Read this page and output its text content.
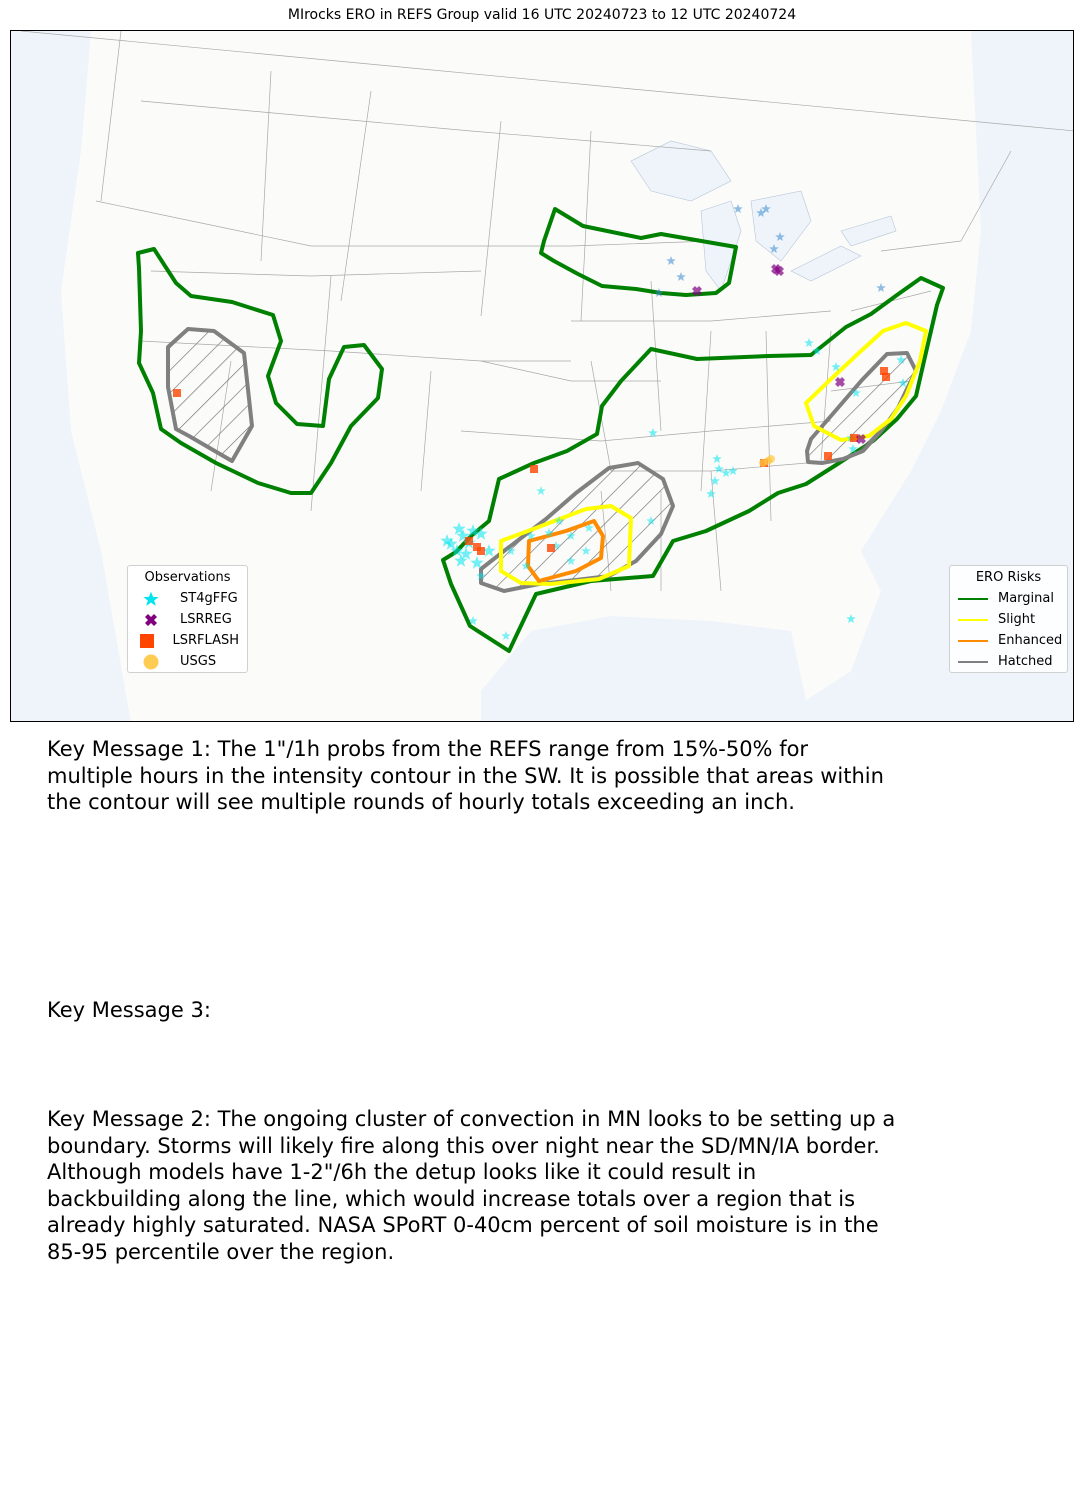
MIrocks ERO in REFS Group valid 16 UTC 20240723 to 12 UTC 20240724
Observations
ST4gFFG
LSRREG
LSRFLASH
USGS
ERO Risks
Marginal
Slight
Enhanced
Hatched

Key Message 1: The 1"/1h probs from the REFS range from 15%-50% for
multiple hours in the intensity contour in the SW. It is possible that areas within
the contour will see multiple rounds of hourly totals exceeding an inch.

Key Message 3:

Key Message 2: The ongoing cluster of convection in MN looks to be setting up a
boundary. Storms will likely fire along this over night near the SD/MN/IA border.
Although models have 1-2"/6h the detup looks like it could result in
backbuilding along the line, which would increase totals over a region that is
already highly saturated. NASA SPoRT 0-40cm percent of soil moisture is in the
85-95 percentile over the region.
